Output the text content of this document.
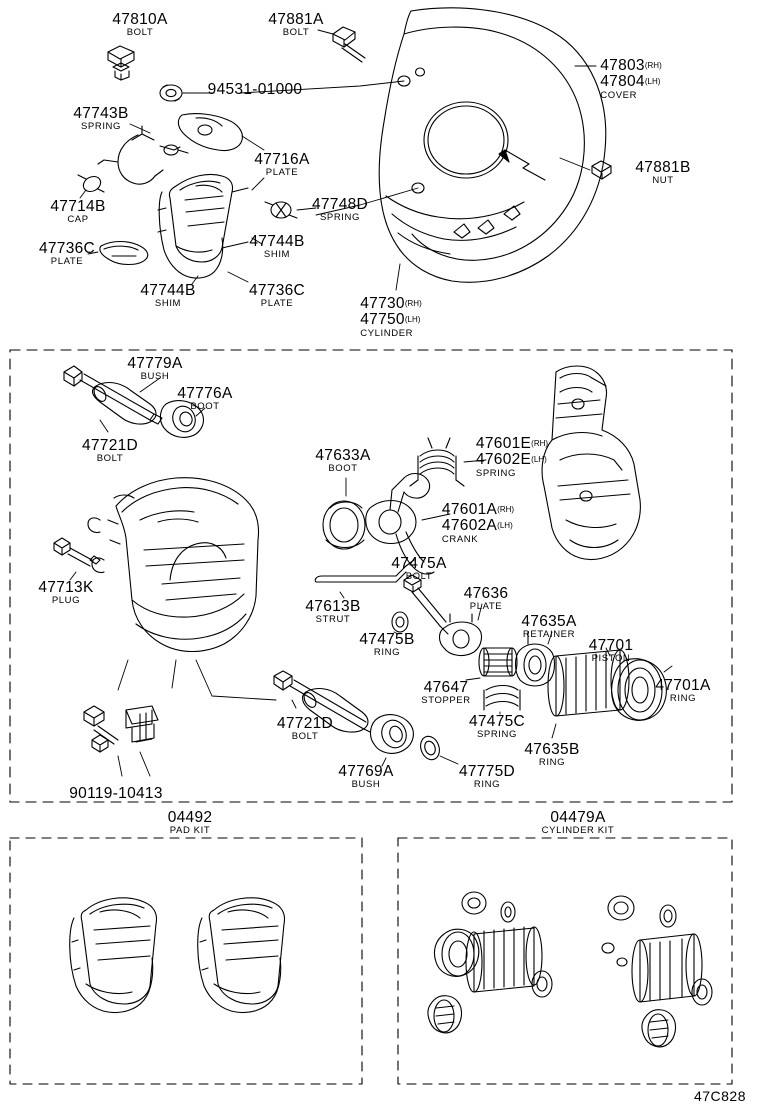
47810A
BOLT
47881A
BOLT
47803(RH)
47804(LH)
COVER
94531-01000
47743B
SPRING
47716A
PLATE	47881B
NUT
47714B
CAP
47748D
SPRING
47736C
PLATE
47744B
SHIM
47744B
SHIM
47736C
PLATE	47730(RH)
47750(LH)
CYLINDER
47779A
BUSH
47776A
BOOT
47721D
BOLT	47633A
BOOT
47601E(RH)
47602E(LH)
SPRING
47601A(RH)
47602A(LH)
CRANK
47475A
BOLT
47636
PLATE
47713K
PLUG	47613B
STRUT	47635A
RETAINER
47701
PISTON
47475B
RING
47701A
RING
47647
STOPPER
47475C
SPRING
47635B
RING
47721D
BOLT
90119-10413
47769A
BUSH
47775D
RING
04492
PAD KIT
04479A
CYLINDER KIT
47C828
